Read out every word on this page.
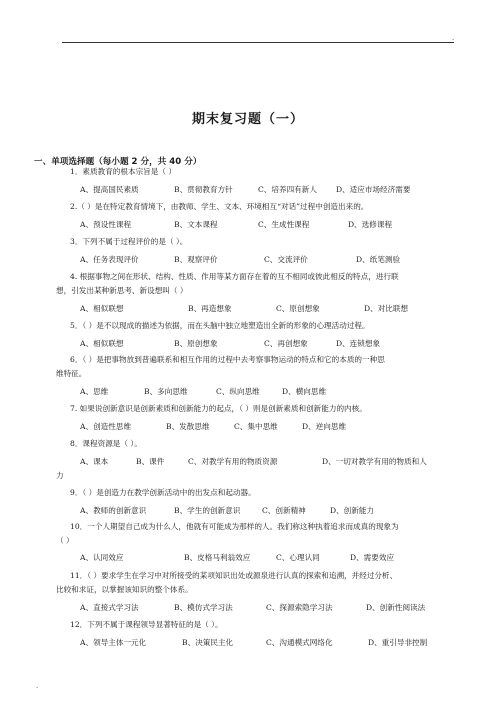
.
期末复习题（一）
一、单项选择题（每小题 2 分，共 40 分）
1．素质教育的根本宗旨是（ ）
A、提高国民素质	B、贯彻教育方针	C、培养四有新人	D、适应市场经济需要
2.（ ）是在特定教育情境下，由教师、学生、文本、环境相互“对话”过程中创造出来的。
A、预设性课程	B、文本课程	C、生成性课程	D、选修课程
3．下列不属于过程评价的是（ ）。
A、任务表现评价	B、观察评价	C、交流评价	D、纸笔测验
4. 根据事物之间在形状、结构、性质、作用等某方面存在着的互不相同或彼此相反的特点，进行联
想，引发出某种新思考、新设想叫（ ）
A、相似联想	B、再造想象	C、原创想象	D、对比联想
5．（ ）是不以现成的描述为依据，而在头脑中独立地塑造出全新的形象的心理活动过程。
A、相似联想	B、原创想象	C、再创想象	D、连锁想象
6．（ ）是把事物放到普遍联系和相互作用的过程中去考察事物运动的特点和它的本质的一种思
维特征。
A、思维	B、多向思维	C、纵向思维	D、横向思维
7. 如果说创新意识是创新素质和创新能力的起点，（ ）则是创新素质和创新能力的内核。
A、创造性思维	B、发散思维	C、集中思维	D、逆向思维
8．课程资源是（ ）。
A、课本	B、课件	C、对教学有用的物质资源	D、一切对教学有用的物质和人
力
9．（ ）是创造力在教学创新活动中的出发点和起动器。
A、教师的创新意识	B、学生的创新意识	C、创新精神	D、创新能力
10．一个人期望自己成为什么人，他就有可能成为那样的人。我们称这种执着追求而成真的现象为
（ ）
A、认同效应	B、皮格马利翁效应	C、心理认同	D、需要效应
11．（ ）要求学生在学习中对所接受的某项知识出处或源泉进行认真的探索和追溯，并经过分析、
比较和求证，以掌握该知识的整个体系。
A、直接式学习法	B、模仿式学习法	C、探源索隐学习法	D、创新性阅读法
12．下列不属于课程领导显著特征的是（ ）。
A、领导主体一元化	B、决策民主化	C、沟通模式网络化	D、重引导非控制
.
